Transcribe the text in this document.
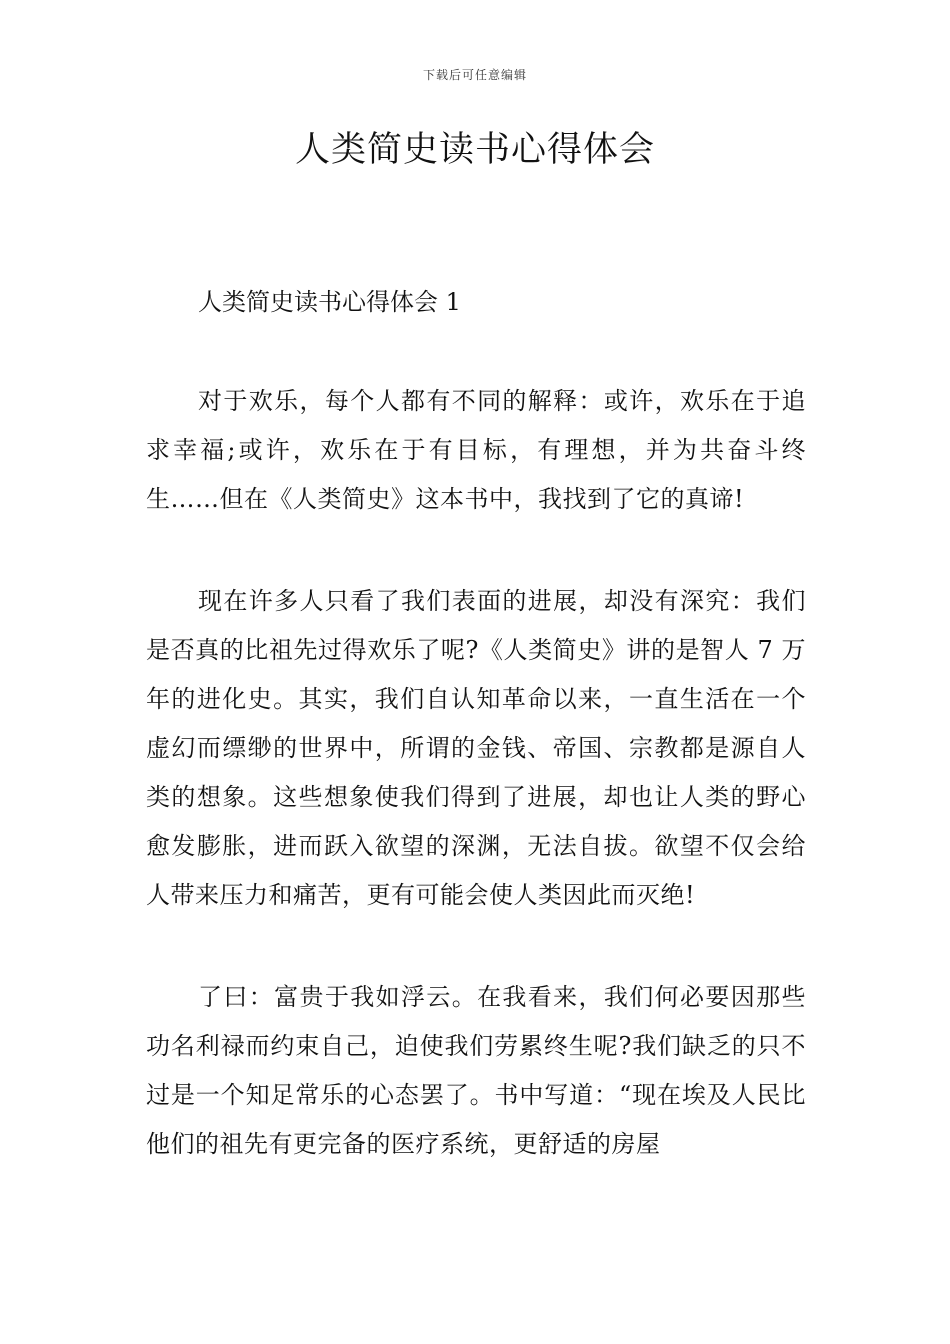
下载后可任意编辑
人类简史读书心得体会

人类简史读书心得体会 1

对于欢乐，每个人都有不同的解释：或许，欢乐在于追求幸福;或许，欢乐在于有目标，有理想，并为共奋斗终生……但在《人类简史》这本书中，我找到了它的真谛!

现在许多人只看了我们表面的进展，却没有深究：我们是否真的比祖先过得欢乐了呢?《人类简史》讲的是智人 7 万年的进化史。其实，我们自认知革命以来，一直生活在一个虚幻而缥缈的世界中，所谓的金钱、帝国、宗教都是源自人类的想象。这些想象使我们得到了进展，却也让人类的野心愈发膨胀，进而跃入欲望的深渊，无法自拔。欲望不仅会给人带来压力和痛苦，更有可能会使人类因此而灭绝!

了曰：富贵于我如浮云。在我看来，我们何必要因那些功名利禄而约束自己，迫使我们劳累终生呢?我们缺乏的只不过是一个知足常乐的心态罢了。书中写道：“现在埃及人民比他们的祖先有更完备的医疗系统，更舒适的房屋
